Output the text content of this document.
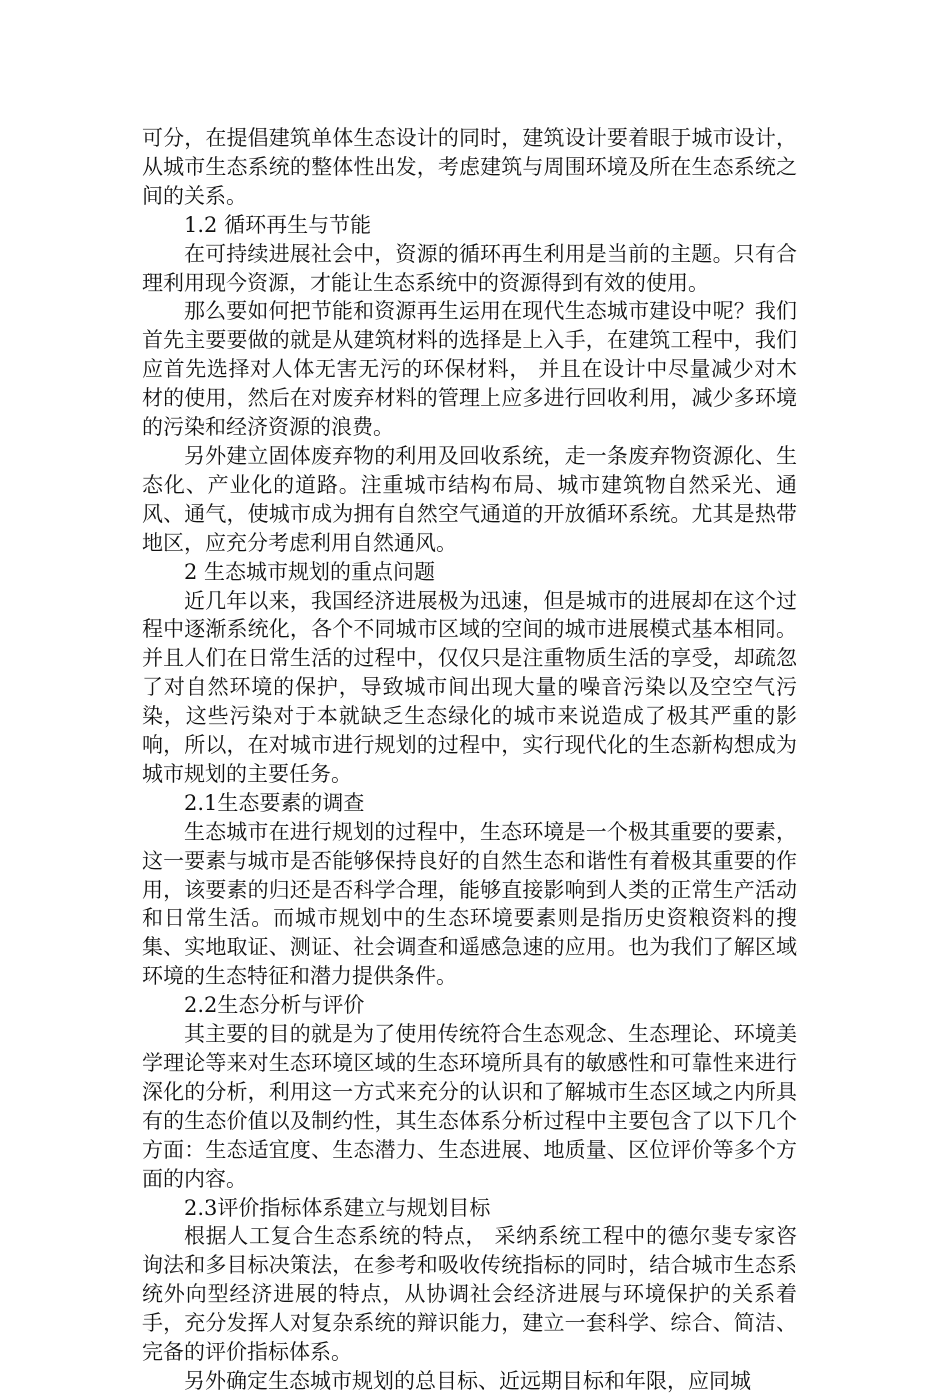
可分，在提倡建筑单体生态设计的同时，建筑设计要着眼于城市设计，从城市生态系统的整体性出发，考虑建筑与周围环境及所在生态系统之间的关系。

1.2 循环再生与节能

在可持续进展社会中，资源的循环再生利用是当前的主题。只有合理利用现今资源，才能让生态系统中的资源得到有效的使用。

那么要如何把节能和资源再生运用在现代生态城市建设中呢？我们首先主要要做的就是从建筑材料的选择是上入手，在建筑工程中，我们应首先选择对人体无害无污的环保材料， 并且在设计中尽量减少对木材的使用，然后在对废弃材料的管理上应多进行回收利用，减少多环境的污染和经济资源的浪费。

另外建立固体废弃物的利用及回收系统，走一条废弃物资源化、生态化、产业化的道路。注重城市结构布局、城市建筑物自然采光、通风、通气，使城市成为拥有自然空气通道的开放循环系统。尤其是热带地区，应充分考虑利用自然通风。

2 生态城市规划的重点问题

近几年以来，我国经济进展极为迅速，但是城市的进展却在这个过程中逐渐系统化，各个不同城市区域的空间的城市进展模式基本相同。并且人们在日常生活的过程中，仅仅只是注重物质生活的享受，却疏忽了对自然环境的保护，导致城市间出现大量的噪音污染以及空空气污染，这些污染对于本就缺乏生态绿化的城市来说造成了极其严重的影响，所以，在对城市进行规划的过程中，实行现代化的生态新构想成为城市规划的主要任务。

2.1生态要素的调查

生态城市在进行规划的过程中，生态环境是一个极其重要的要素，这一要素与城市是否能够保持良好的自然生态和谐性有着极其重要的作用，该要素的归还是否科学合理，能够直接影响到人类的正常生产活动和日常生活。而城市规划中的生态环境要素则是指历史资粮资料的搜集、实地取证、测证、社会调查和遥感急速的应用。也为我们了解区域环境的生态特征和潜力提供条件。

2.2生态分析与评价

其主要的目的就是为了使用传统符合生态观念、生态理论、环境美学理论等来对生态环境区域的生态环境所具有的敏感性和可靠性来进行深化的分析，利用这一方式来充分的认识和了解城市生态区域之内所具有的生态价值以及制约性，其生态体系分析过程中主要包含了以下几个方面：生态适宜度、生态潜力、生态进展、地质量、区位评价等多个方面的内容。

2.3评价指标体系建立与规划目标

根据人工复合生态系统的特点， 采纳系统工程中的德尔斐专家咨询法和多目标决策法，在参考和吸收传统指标的同时，结合城市生态系统外向型经济进展的特点，从协调社会经济进展与环境保护的关系着手，充分发挥人对复杂系统的辩识能力，建立一套科学、综合、简洁、完备的评价指标体系。

另外确定生态城市规划的总目标、近远期目标和年限，应同城
